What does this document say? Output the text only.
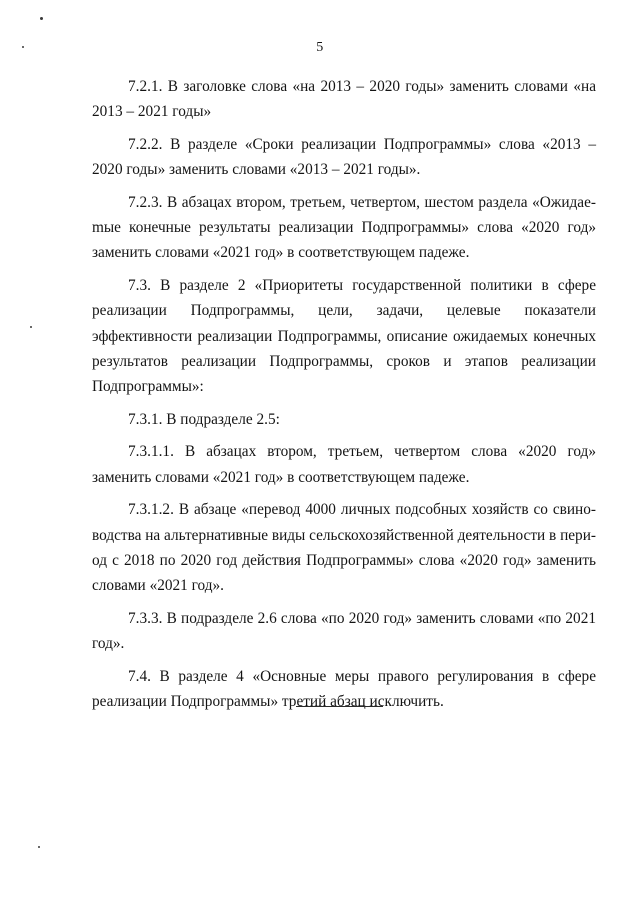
5

7.2.1. В заголовке слова «на 2013 – 2020 годы» заменить словами «на 2013 – 2021 годы»

7.2.2. В разделе «Сроки реализации Подпрограммы» слова «2013 – 2020 годы» заменить словами «2013 – 2021 годы».

7.2.3. В абзацах втором, третьем, четвертом, шестом раздела «Ожидаеmые конечные результаты реализации Подпрограммы» слова «2020 год» заменить словами «2021 год» в соответствующем падеже.

7.3. В разделе 2 «Приоритеты государственной политики в сфере реализации Подпрограммы, цели, задачи, целевые показатели эффективности реализации Подпрограммы, описание ожидаемых конечных результатов реализации Подпрограммы, сроков и этапов реализации Подпрограммы»:

7.3.1. В подразделе 2.5:

7.3.1.1. В абзацах втором, третьем, четвертом слова «2020 год» заменить словами «2021 год» в соответствующем падеже.

7.3.1.2. В абзаце «перевод 4000 личных подсобных хозяйств со свиноводства на альтернативные виды сельскохозяйственной деятельности в период с 2018 по 2020 год действия Подпрограммы» слова «2020 год» заменить словами «2021 год».

7.3.3. В подразделе 2.6 слова «по 2020 год» заменить словами «по 2021 год».

7.4. В разделе 4 «Основные меры правого регулирования в сфере реализации Подпрограммы» третий абзац исключить.
